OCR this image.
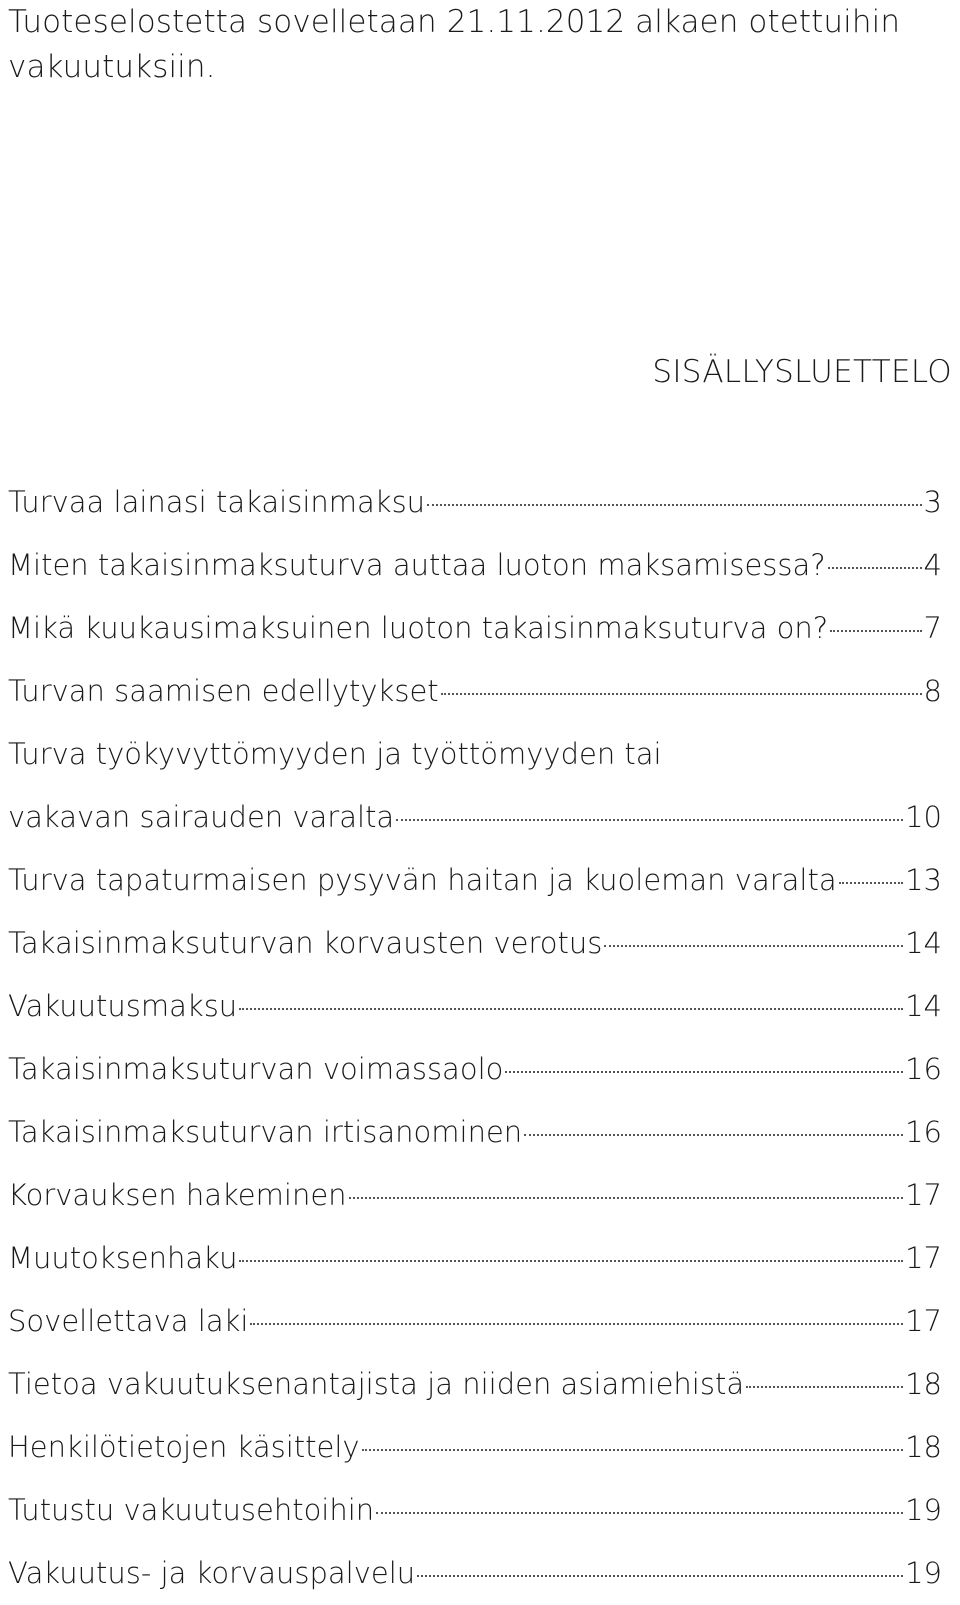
Tuoteselostetta sovelletaan 21.11.2012 alkaen otettuihin vakuutuksiin.
SISÄLLYSLUETTELO
Turvaa lainasi takaisinmaksu	3
Miten takaisinmaksuturva auttaa luoton maksamisessa?	4
Mikä kuukausimaksuinen luoton takaisinmaksuturva on?	7
Turvan saamisen edellytykset	8
Turva työkyvyttömyyden ja työttömyyden tai
vakavan sairauden varalta	10
Turva tapaturmaisen pysyvän haitan ja kuoleman varalta 13
Takaisinmaksuturvan korvausten verotus	14
Vakuutusmaksu	14
Takaisinmaksuturvan voimassaolo	16
Takaisinmaksuturvan irtisanominen	16
Korvauksen hakeminen	17
Muutoksenhaku	17
Sovellettava laki	17
Tietoa vakuutuksenantajista ja niiden asiamiehistä	18
Henkilötietojen käsittely	18
Tutustu vakuutusehtoihin	19
Vakuutus- ja korvauspalvelu	19
